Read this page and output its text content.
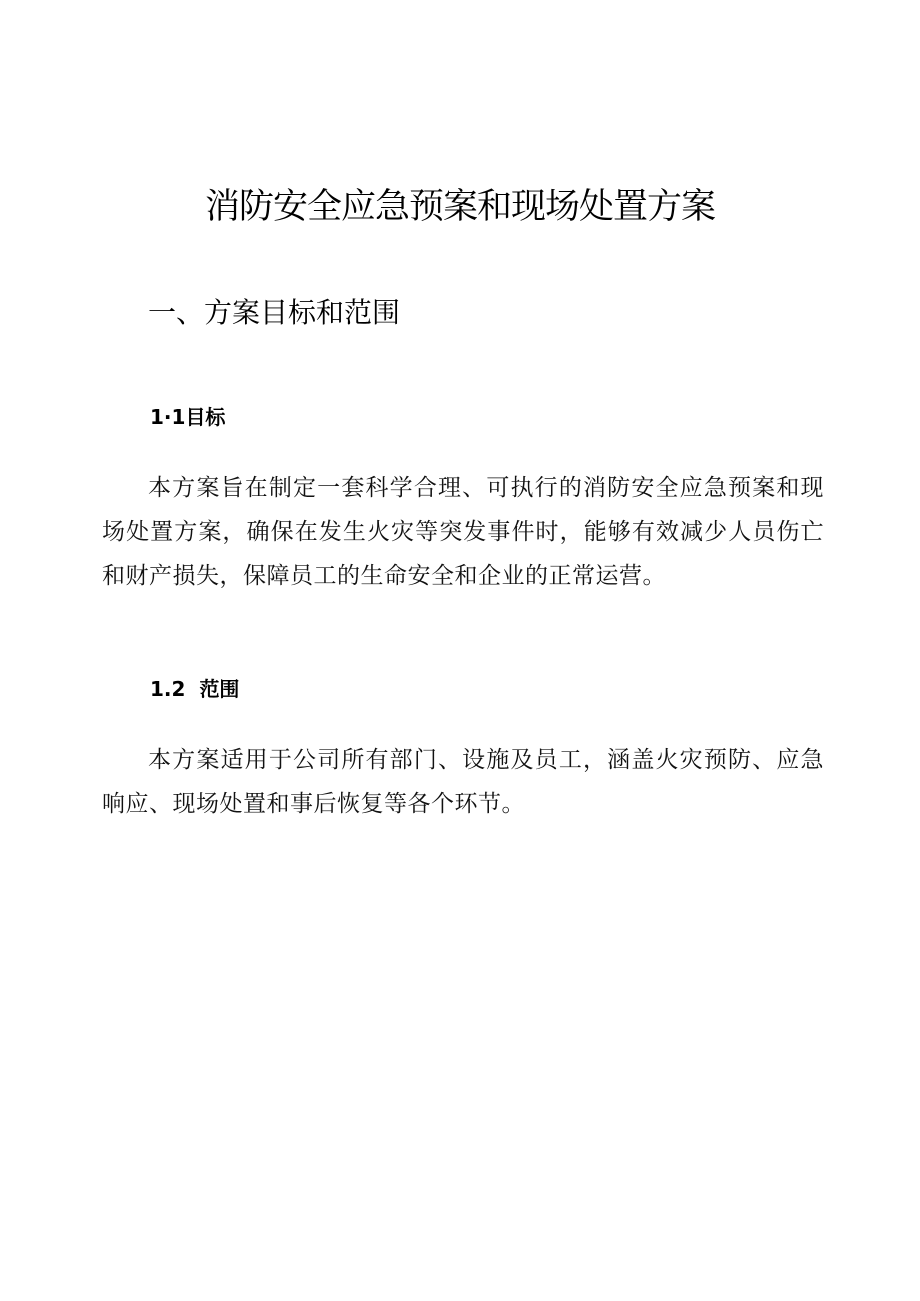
消防安全应急预案和现场处置方案
一、方案目标和范围
1·1目标

本方案旨在制定一套科学合理、可执行的消防安全应急预案和现场处置方案，确保在发生火灾等突发事件时，能够有效减少人员伤亡和财产损失，保障员工的生命安全和企业的正常运营。

1.2 范围

本方案适用于公司所有部门、设施及员工，涵盖火灾预防、应急响应、现场处置和事后恢复等各个环节。
